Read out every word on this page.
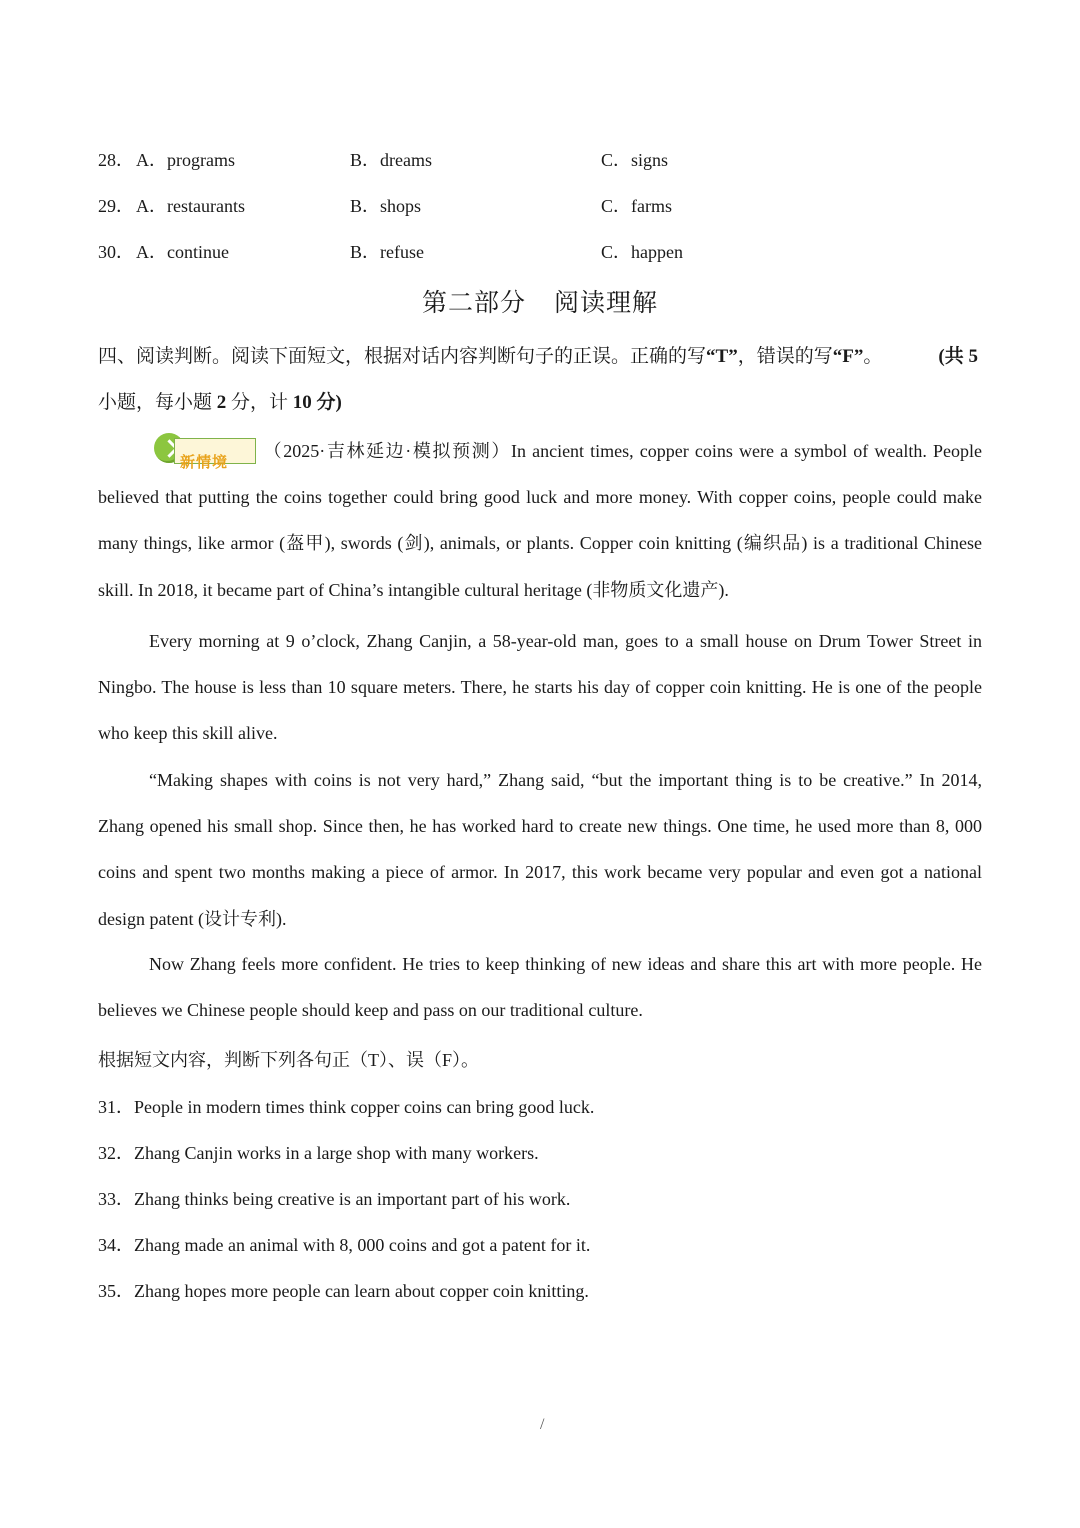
28． A．programs	B．dreams	C．signs
29． A．restaurants	B．shops	C．farms
30． A．continue	B．refuse	C．happen
第二部分 阅读理解
四、阅读判断。阅读下面短文，根据对话内容判断句子的正误。正确的写“T”，错误的写“F”。	(共 5
小题，每小题 2 分，计 10 分)
新情境
（2025·吉林延边·模拟预测）In ancient times, copper coins were a symbol of wealth. People believed that putting the coins together could bring good luck and more money. With copper coins, people could make many things, like armor (盔甲), swords (剑), animals, or plants. Copper coin knitting (编织品) is a traditional Chinese skill. In 2018, it became part of China’s intangible cultural heritage (非物质文化遗产).
Every morning at 9 o’clock, Zhang Canjin, a 58-year-old man, goes to a small house on Drum Tower Street in Ningbo. The house is less than 10 square meters. There, he starts his day of copper coin knitting. He is one of the people who keep this skill alive.
“Making shapes with coins is not very hard,” Zhang said, “but the important thing is to be creative.” In 2014, Zhang opened his small shop. Since then, he has worked hard to create new things. One time, he used more than 8, 000 coins and spent two months making a piece of armor. In 2017, this work became very popular and even got a national design patent (设计专利).
Now Zhang feels more confident. He tries to keep thinking of new ideas and share this art with more people. He believes we Chinese people should keep and pass on our traditional culture.
根据短文内容，判断下列各句正（T）、误（F）。
31．People in modern times think copper coins can bring good luck.
32．Zhang Canjin works in a large shop with many workers.
33．Zhang thinks being creative is an important part of his work.
34．Zhang made an animal with 8, 000 coins and got a patent for it.
35．Zhang hopes more people can learn about copper coin knitting.
/
